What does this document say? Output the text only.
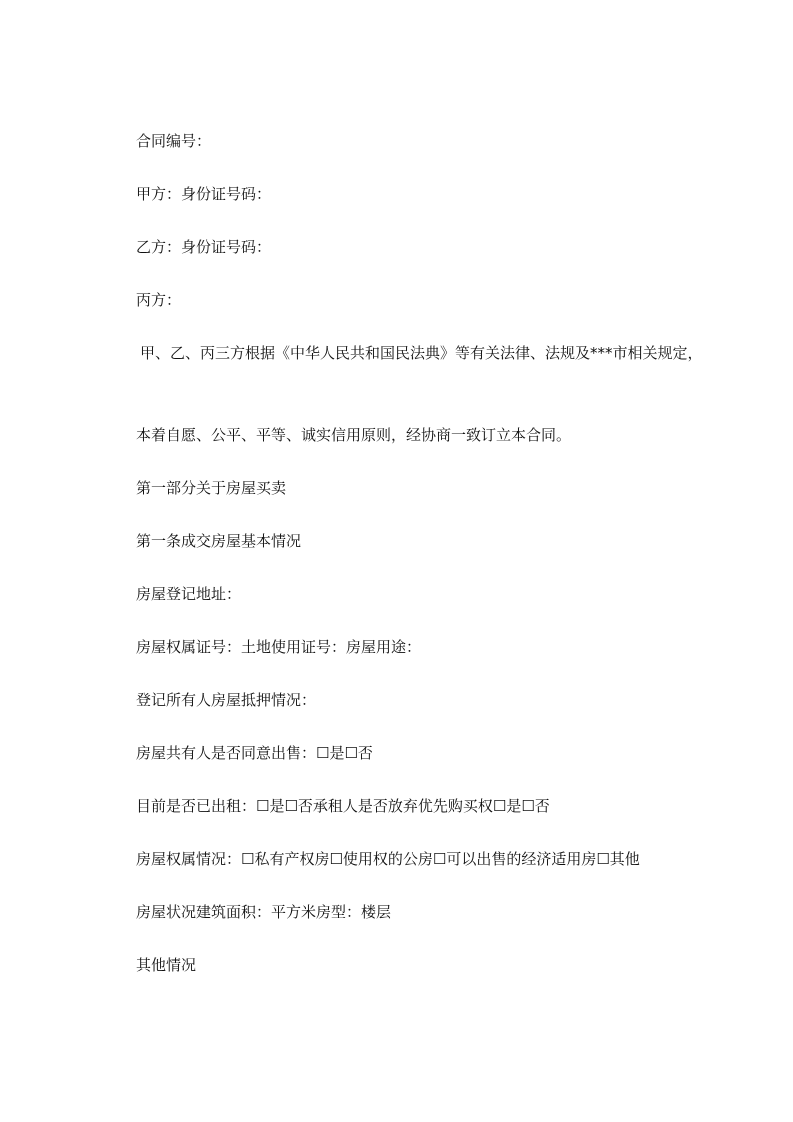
合同编号：
甲方：身份证号码：
乙方：身份证号码：
丙方：
甲、乙、丙三方根据《中华人民共和国民法典》等有关法律、法规及***市相关规定，
本着自愿、公平、平等、诚实信用原则，经协商一致订立本合同。
第一部分关于房屋买卖
第一条成交房屋基本情况
房屋登记地址：
房屋权属证号：土地使用证号：房屋用途：
登记所有人房屋抵押情况：
房屋共有人是否同意出售：☐是☐否
目前是否已出租：☐是☐否承租人是否放弃优先购买权☐是☐否
房屋权属情况：☐私有产权房☐使用权的公房☐可以出售的经济适用房☐其他
房屋状况建筑面积：平方米房型：楼层
其他情况
